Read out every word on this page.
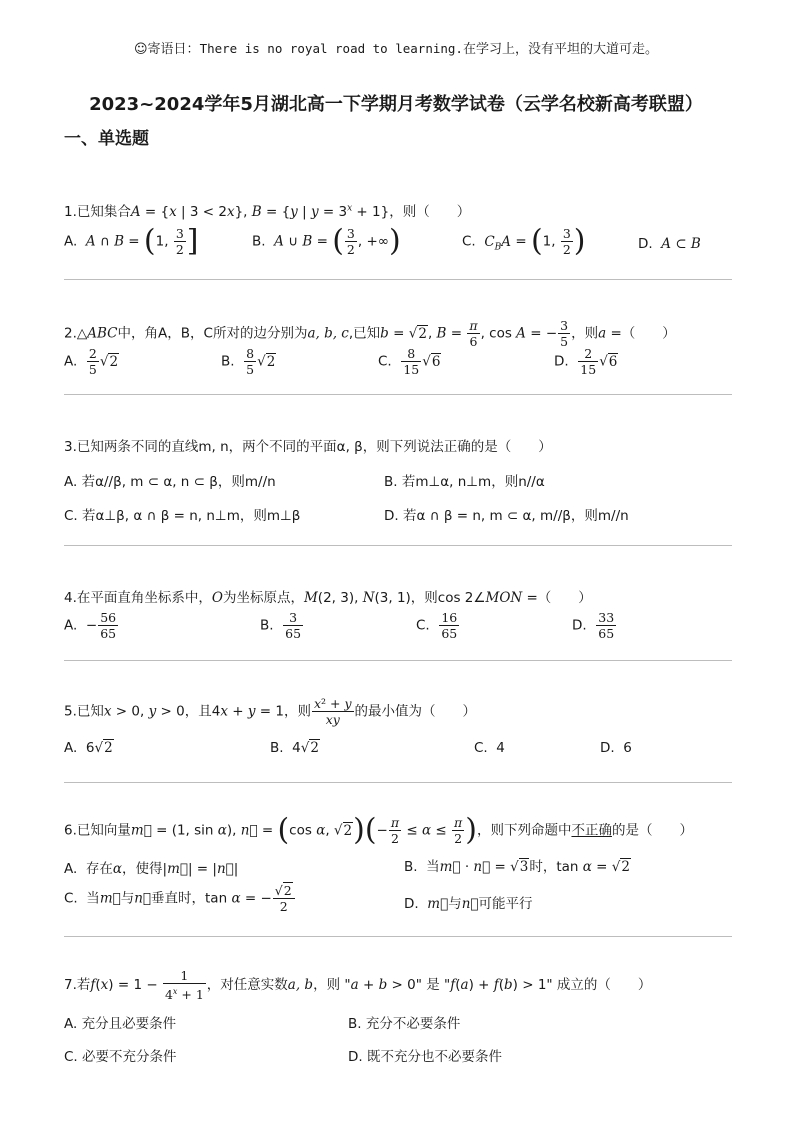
☺寄语日：There is no royal road to learning.在学习上，没有平坦的大道可走。
2023~2024学年5月湖北高一下学期月考数学试卷（云学名校新高考联盟）
一、单选题
1.已知集合A = {x | 3 < 2x}, B = {y | $y = 3^x + 1$}，则（　　）
A.  A ∩ B = (1, $\frac{3}{2}$ ]	B.  A ∪ B = ( $\frac{3}{2}$ , +∞)	C.  $C_BA = (1$, $\frac{3}{2}$ )	D. A ⊂ B
2.△ABC中，角A，B，C所对的边分别为a, b, c,已知b = √2, $B = \frac{\pi}{6}$ , cos A = − $\frac{3}{5}$ ，则a =（　　）
A. $\frac{2}{5} √2$	B. $\frac{8}{5} √2$	C. $\frac{8}{15} √6$	D. $\frac{2}{15} √6$
3.已知两条不同的直线m, n，两个不同的平面α, β，则下列说法正确的是（　　）
A. 若α//β, m ⊂ α, n ⊂ β，则m//n	B. 若m⊥α, n⊥m，则n//α
C. 若α⊥β, α ∩ β = n, n⊥m，则m⊥β	D. 若α ∩ β = n, m ⊂ α, m//β，则m//n
4.在平面直角坐标系中，O为坐标原点，M(2, 3), N(3, 1)，则cos 2∠MON =（　　）
A.  − $\frac{56}{65}$	B. $\frac{3}{65}$	C. $\frac{16}{65}$	D. $\frac{33}{65}$
5.已知x > 0, y > 0，且4x + y = 1，则 $\frac{\text{x² + y}}{xy}$ 的最小值为（　　）
A.  6√2	B.  4√2	C.  4	D.  6
6.已知向量m⃗ = (1, sin α), n⃗ = (cos α, $√2)(- \frac{\pi}{2} \le \alpha \le \frac{\pi}{2}$ )，则下列命题中不正确的是（　　）
A.  存在α，使得|m⃗| = |n⃗|	B.  当m⃗ · n⃗ = √3时，tan α = √2
C.  当m⃗与n⃗垂直时，tan α = − $\frac{√2}{2}$	D.  m⃗与n⃗可能平行
7.若$f(x) = 1 - \frac{1}{4^x + 1}$ ，对任意实数a, b，则 "a + b > 0" 是 "f(a) + f(b) > 1" 成立的（　　）
A. 充分且必要条件	B. 充分不必要条件
C. 必要不充分条件	D. 既不充分也不必要条件
